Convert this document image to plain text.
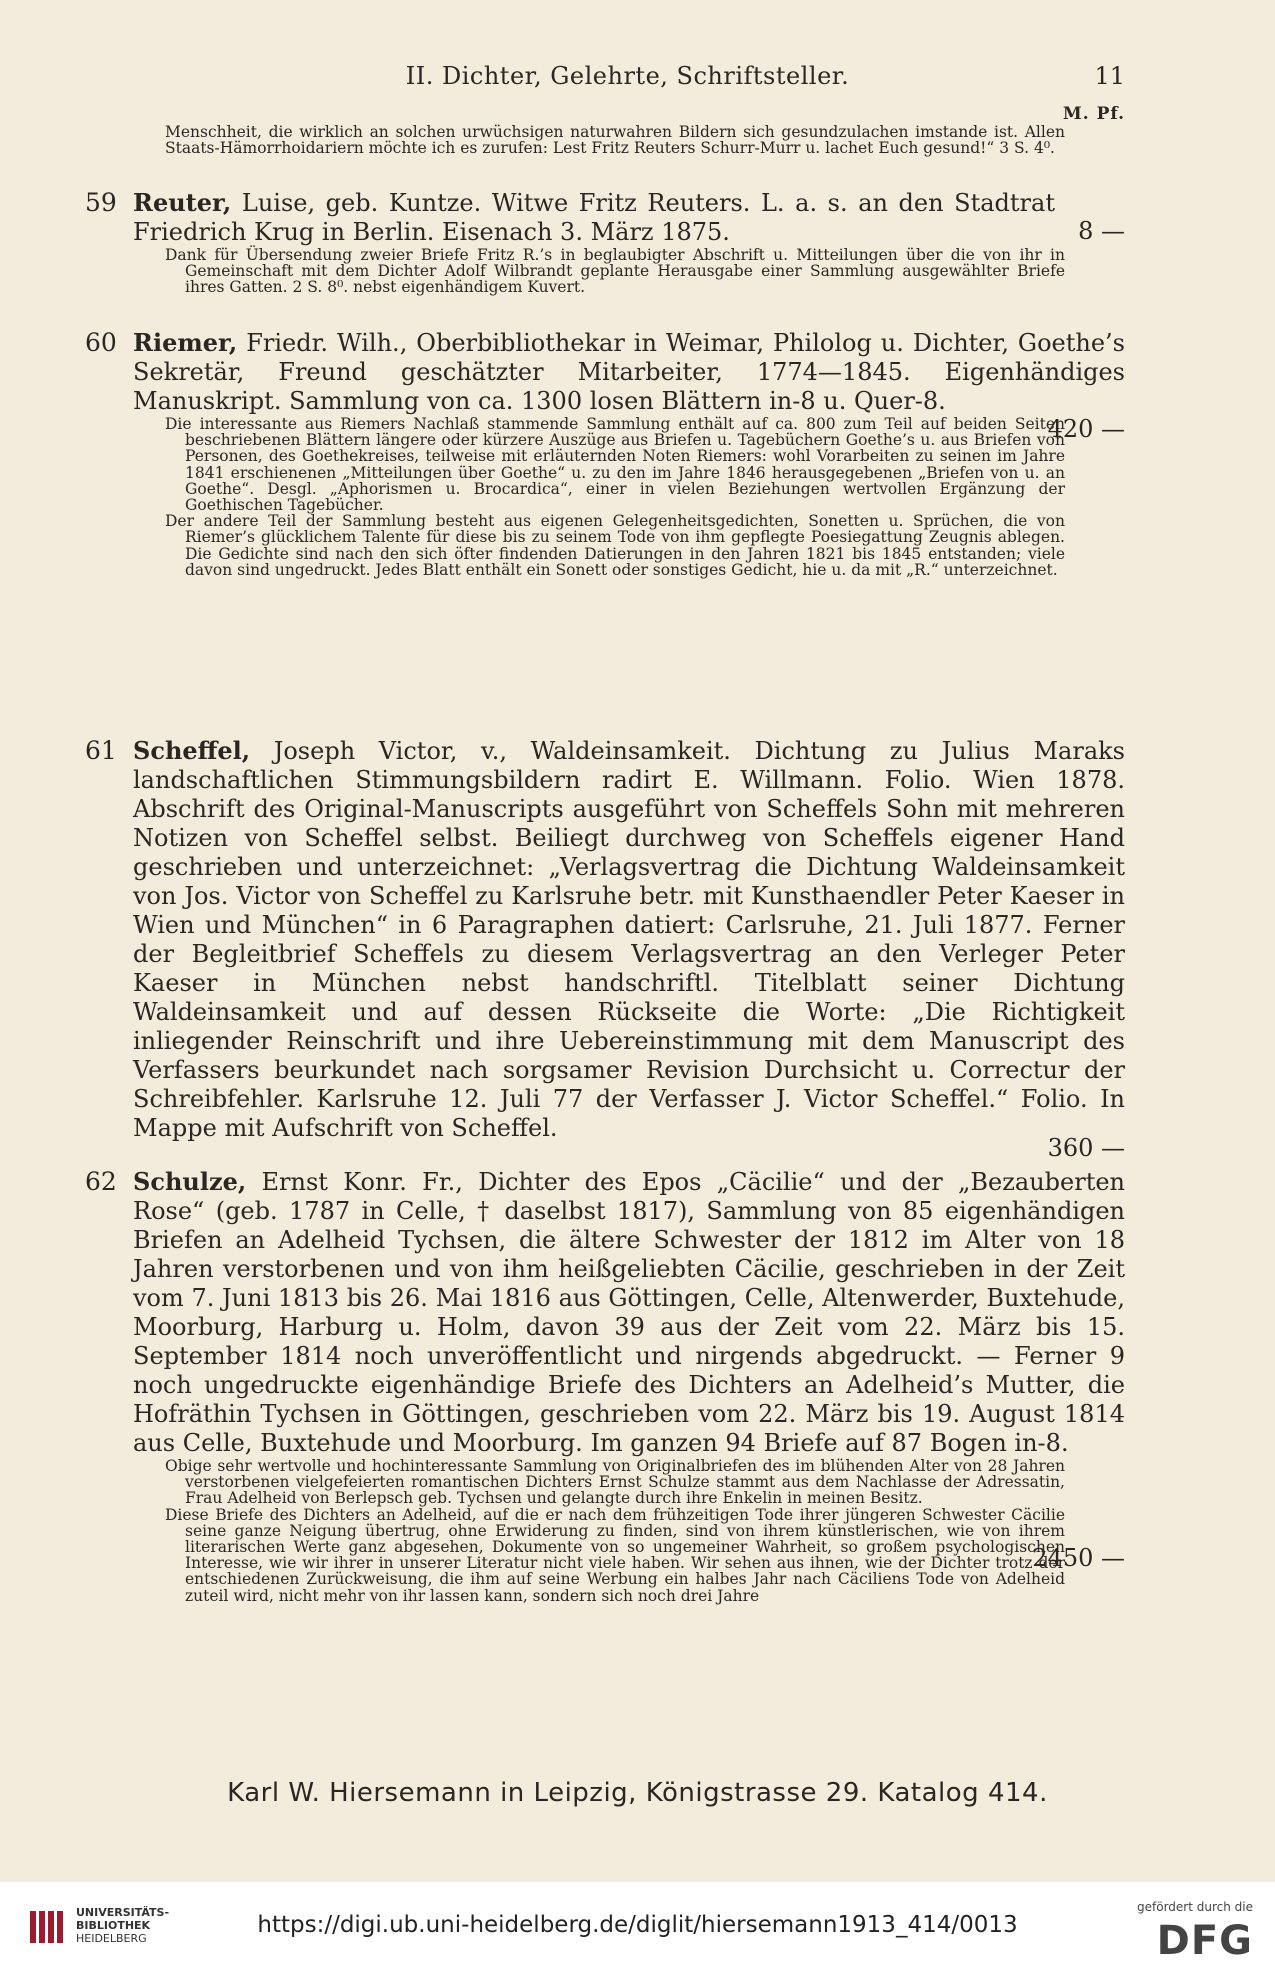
II. Dichter, Gelehrte, Schriftsteller.	11
M. Pf.
Menschheit, die wirklich an solchen urwüchsigen naturwahren Bildern sich gesundzulachen imstande ist. Allen Staats-Hämorrhoidariern möchte ich es zurufen: Lest Fritz Reuters Schurr-Murr u. lachet Euch gesund!“ 3 S. 4⁰.
59 Reuter, Luise, geb. Kuntze. Witwe Fritz Reuters. L. a. s. an den Stadtrat Friedrich Krug in Berlin. Eisenach 3. März 1875.	8 —
Dank für Übersendung zweier Briefe Fritz R.’s in beglaubigter Abschrift u. Mitteilungen über die von ihr in Gemeinschaft mit dem Dichter Adolf Wilbrandt geplante Herausgabe einer Sammlung ausgewählter Briefe ihres Gatten. 2 S. 8⁰. nebst eigenhändigem Kuvert.
60 Riemer, Friedr. Wilh., Oberbibliothekar in Weimar, Philolog u. Dichter, Goethe’s Sekretär, Freund geschätzter Mitarbeiter, 1774—1845. Eigenhändiges Manuskript. Sammlung von ca. 1300 losen Blättern in-8 u. Quer-8.
420 —
Die interessante aus Riemers Nachlaß stammende Sammlung enthält auf ca. 800 zum Teil auf beiden Seiten beschriebenen Blättern längere oder kürzere Auszüge aus Briefen u. Tagebüchern Goethe’s u. aus Briefen von Personen, des Goethekreises, teilweise mit erläuternden Noten Riemers: wohl Vorarbeiten zu seinen im Jahre 1841 erschienenen „Mitteilungen über Goethe“ u. zu den im Jahre 1846 herausgegebenen „Briefen von u. an Goethe“. Desgl. „Aphorismen u. Brocardica“, einer in vielen Beziehungen wertvollen Ergänzung der Goethischen Tagebücher.
Der andere Teil der Sammlung besteht aus eigenen Gelegenheitsgedichten, Sonetten u. Sprüchen, die von Riemer’s glücklichem Talente für diese bis zu seinem Tode von ihm gepflegte Poesiegattung Zeugnis ablegen. Die Gedichte sind nach den sich öfter findenden Datierungen in den Jahren 1821 bis 1845 entstanden; viele davon sind ungedruckt. Jedes Blatt enthält ein Sonett oder sonstiges Gedicht, hie u. da mit „R.“ unterzeichnet.
61 Scheffel, Joseph Victor, v., Waldeinsamkeit. Dichtung zu Julius Maraks landschaftlichen Stimmungsbildern radirt E. Willmann. Folio. Wien 1878. Abschrift des Original-Manuscripts ausgeführt von Scheffels Sohn mit mehreren Notizen von Scheffel selbst. Beiliegt durchweg von Scheffels eigener Hand geschrieben und unterzeichnet: „Verlagsvertrag die Dichtung Waldeinsamkeit von Jos. Victor von Scheffel zu Karlsruhe betr. mit Kunsthaendler Peter Kaeser in Wien und München“ in 6 Paragraphen datiert: Carlsruhe, 21. Juli 1877. Ferner der Begleitbrief Scheffels zu diesem Verlagsvertrag an den Verleger Peter Kaeser in München nebst handschriftl. Titelblatt seiner Dichtung Waldeinsamkeit und auf dessen Rückseite die Worte: „Die Richtigkeit inliegender Reinschrift und ihre Uebereinstimmung mit dem Manuscript des Verfassers beurkundet nach sorgsamer Revision Durchsicht u. Correctur der Schreibfehler. Karlsruhe 12. Juli 77 der Verfasser J. Victor Scheffel.“ Folio. In Mappe mit Aufschrift von Scheffel.
360 —
62 Schulze, Ernst Konr. Fr., Dichter des Epos „Cäcilie“ und der „Bezauberten Rose“ (geb. 1787 in Celle, † daselbst 1817), Sammlung von 85 eigenhändigen Briefen an Adelheid Tychsen, die ältere Schwester der 1812 im Alter von 18 Jahren verstorbenen und von ihm heißgeliebten Cäcilie, geschrieben in der Zeit vom 7. Juni 1813 bis 26. Mai 1816 aus Göttingen, Celle, Altenwerder, Buxtehude, Moorburg, Harburg u. Holm, davon 39 aus der Zeit vom 22. März bis 15. September 1814 noch unveröffentlicht und nirgends abgedruckt. — Ferner 9 noch ungedruckte eigenhändige Briefe des Dichters an Adelheid’s Mutter, die Hofräthin Tychsen in Göttingen, geschrieben vom 22. März bis 19. August 1814 aus Celle, Buxtehude und Moorburg. Im ganzen 94 Briefe auf 87 Bogen in-8.
2450 —
Obige sehr wertvolle und hochinteressante Sammlung von Originalbriefen des im blühenden Alter von 28 Jahren verstorbenen vielgefeierten romantischen Dichters Ernst Schulze stammt aus dem Nachlasse der Adressatin, Frau Adelheid von Berlepsch geb. Tychsen und gelangte durch ihre Enkelin in meinen Besitz.
Diese Briefe des Dichters an Adelheid, auf die er nach dem frühzeitigen Tode ihrer jüngeren Schwester Cäcilie seine ganze Neigung übertrug, ohne Erwiderung zu finden, sind von ihrem künstlerischen, wie von ihrem literarischen Werte ganz abgesehen, Dokumente von so ungemeiner Wahrheit, so großem psychologischen Interesse, wie wir ihrer in unserer Literatur nicht viele haben. Wir sehen aus ihnen, wie der Dichter trotz der entschiedenen Zurückweisung, die ihm auf seine Werbung ein halbes Jahr nach Cäciliens Tode von Adelheid zuteil wird, nicht mehr von ihr lassen kann, sondern sich noch drei Jahre
Karl W. Hiersemann in Leipzig, Königstrasse 29. Katalog 414.
UNIVERSITÄTS-
BIBLIOTHEK
HEIDELBERG
https://digi.ub.uni-heidelberg.de/diglit/hiersemann1913_414/0013
gefördert durch die
DFG
